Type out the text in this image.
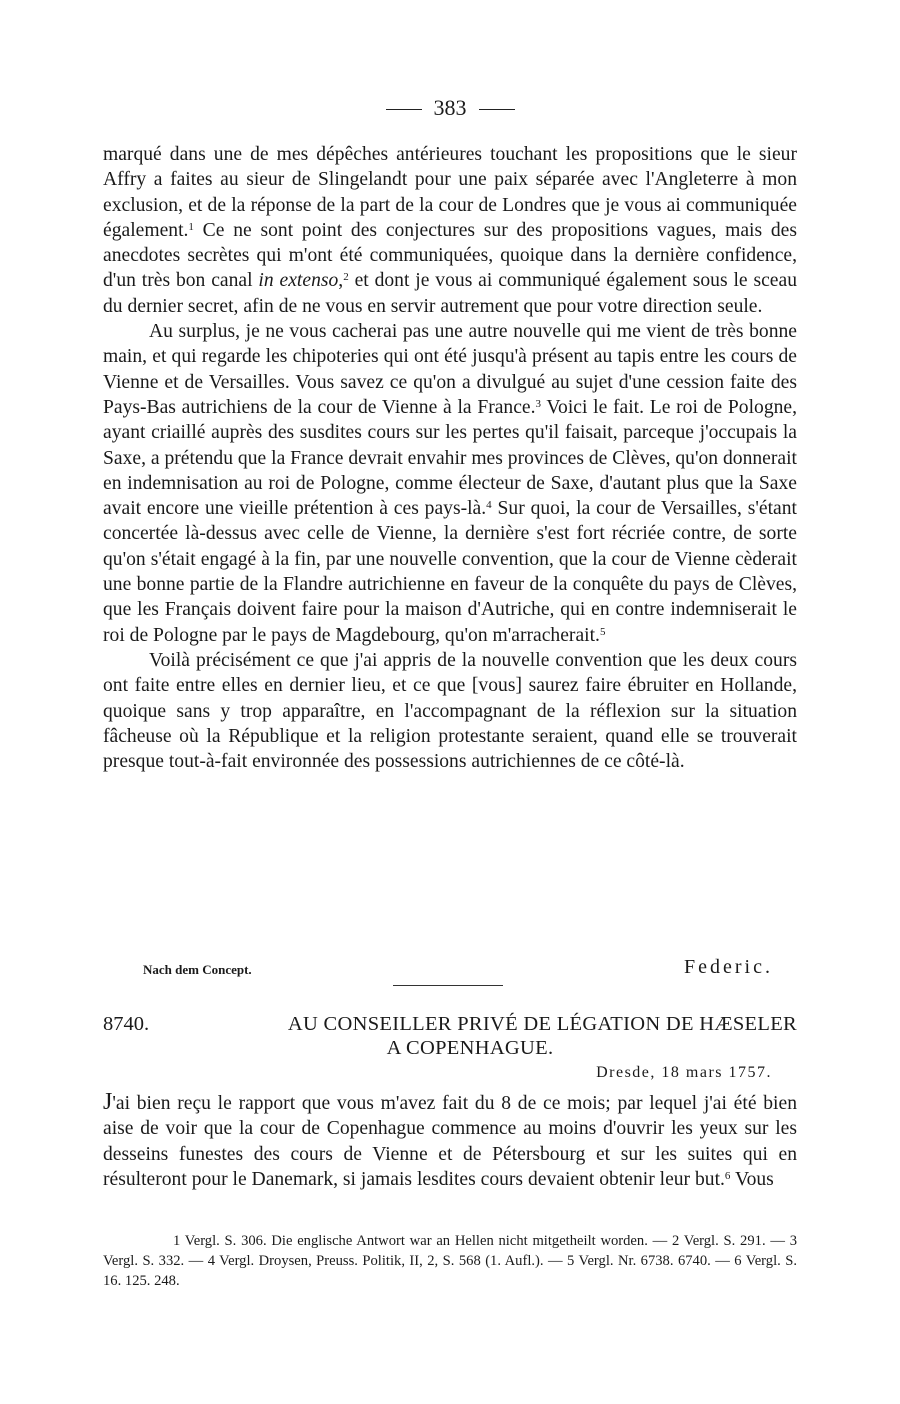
383

marqué dans une de mes dépêches antérieures touchant les propositions que le sieur Affry a faites au sieur de Slingelandt pour une paix séparée avec l'Angleterre à mon exclusion, et de la réponse de la part de la cour de Londres que je vous ai communiquée également.$^1$ Ce ne sont point des conjectures sur des propositions vagues, mais des anecdotes secrètes qui m'ont été communiquées, quoique dans la dernière confidence, d'un très bon canal in extenso,$^2$ et dont je vous ai communiqué également sous le sceau du dernier secret, afin de ne vous en servir autrement que pour votre direction seule.

Au surplus, je ne vous cacherai pas une autre nouvelle qui me vient de très bonne main, et qui regarde les chipoteries qui ont été jusqu'à présent au tapis entre les cours de Vienne et de Versailles. Vous savez ce qu'on a divulgué au sujet d'une cession faite des Pays-Bas autrichiens de la cour de Vienne à la France.$^3$ Voici le fait. Le roi de Pologne, ayant criaillé auprès des susdites cours sur les pertes qu'il faisait, parceque j'occupais la Saxe, a prétendu que la France devrait envahir mes provinces de Clèves, qu'on donnerait en indemnisation au roi de Pologne, comme électeur de Saxe, d'autant plus que la Saxe avait encore une vieille prétention à ces pays-là.$^4$ Sur quoi, la cour de Versailles, s'étant concertée là-dessus avec celle de Vienne, la dernière s'est fort récriée contre, de sorte qu'on s'était engagé à la fin, par une nouvelle convention, que la cour de Vienne cèderait une bonne partie de la Flandre autrichienne en faveur de la conquête du pays de Clèves, que les Français doivent faire pour la maison d'Autriche, qui en contre indemniserait le roi de Pologne par le pays de Magdebourg, qu'on m'arracherait.$^5$

Voilà précisément ce que j'ai appris de la nouvelle convention que les deux cours ont faite entre elles en dernier lieu, et ce que [vous] saurez faire ébruiter en Hollande, quoique sans y trop apparaître, en l'accompagnant de la réflexion sur la situation fâcheuse où la République et la religion protestante seraient, quand elle se trouverait presque tout-à-fait environnée des possessions autrichiennes de ce côté-là.

Nach dem Concept.	Federic.
8740.	AU CONSEILLER PRIVÉ DE LÉGATION DE HÆSELER
A COPENHAGUE.
Dresde, 18 mars 1757.

J'ai bien reçu le rapport que vous m'avez fait du 8 de ce mois; par lequel j'ai été bien aise de voir que la cour de Copenhague commence au moins d'ouvrir les yeux sur les desseins funestes des cours de Vienne et de Pétersbourg et sur les suites qui en résulteront pour le Danemark, si jamais lesdites cours devaient obtenir leur but.$^6$ Vous

1 Vergl. S. 306. Die englische Antwort war an Hellen nicht mitgetheilt worden. — 2 Vergl. S. 291. — 3 Vergl. S. 332. — 4 Vergl. Droysen, Preuss. Politik, II, 2, S. 568 (1. Aufl.). — 5 Vergl. Nr. 6738. 6740. — 6 Vergl. S. 16. 125. 248.
